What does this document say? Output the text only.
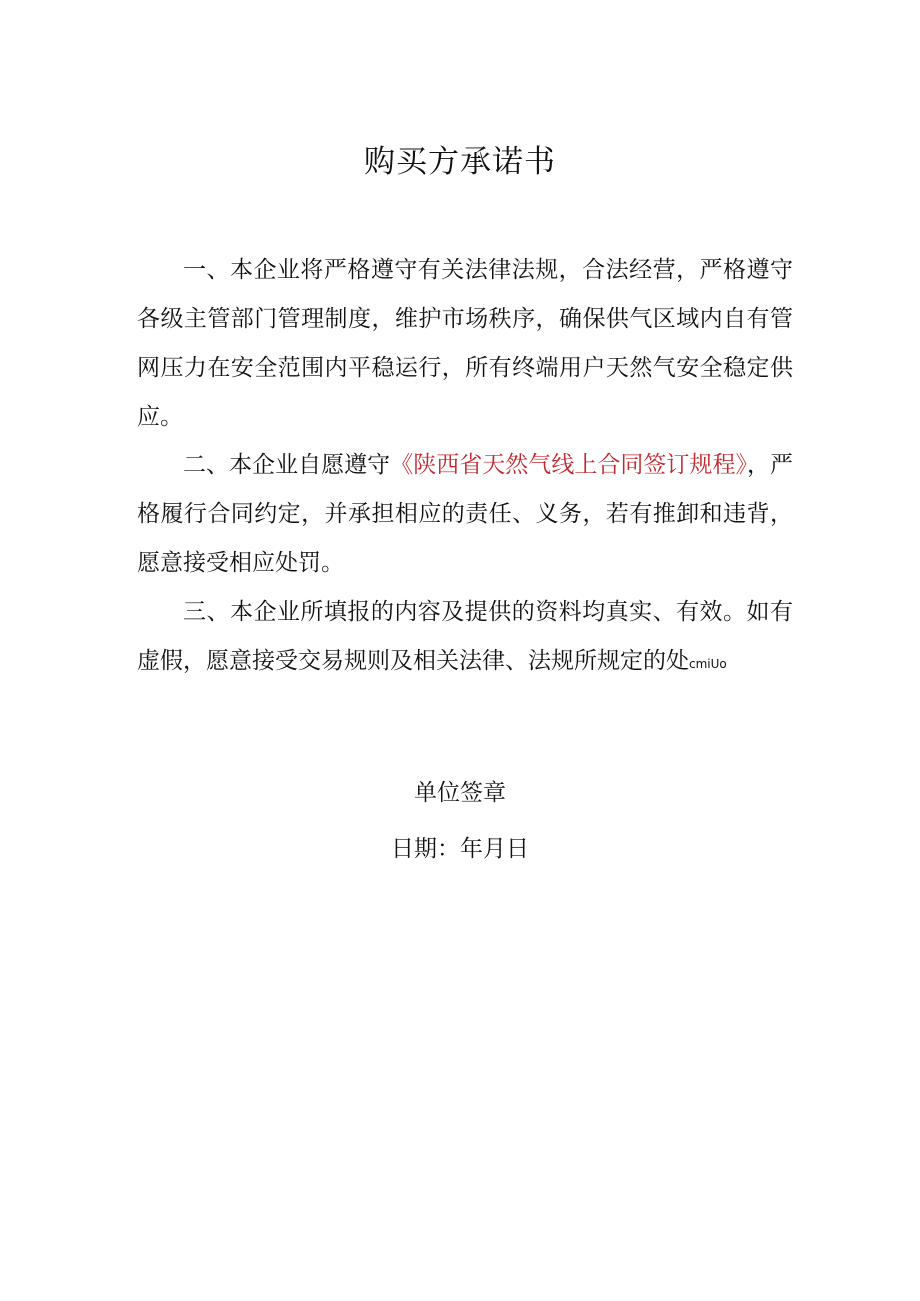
购买方承诺书

一、本企业将严格遵守有关法律法规，合法经营，严格遵守各级主管部门管理制度，维护市场秩序，确保供气区域内自有管网压力在安全范围内平稳运行，所有终端用户天然气安全稳定供应。

二、本企业自愿遵守《陕西省天然气线上合同签订规程》，严格履行合同约定，并承担相应的责任、义务，若有推卸和违背，愿意接受相应处罚。

三、本企业所填报的内容及提供的资料均真实、有效。如有虚假，愿意接受交易规则及相关法律、法规所规定的处cmiUo

单位签章

日期：年月日
